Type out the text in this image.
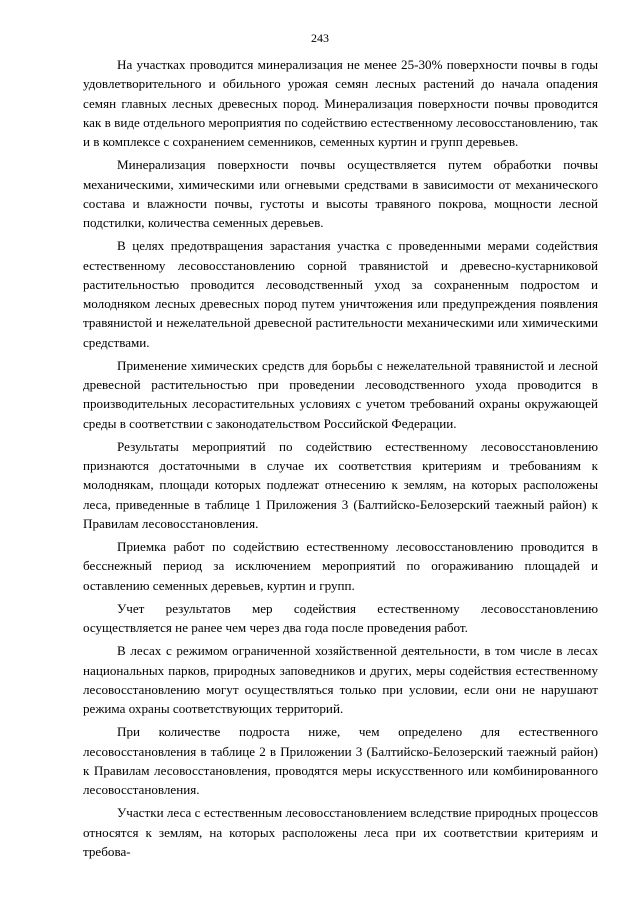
243

На участках проводится минерализация не менее 25-30% поверхности почвы в годы удовлетворительного и обильного урожая семян лесных растений до начала опадения семян главных лесных древесных пород. Минерализация поверхности почвы проводится как в виде отдельного мероприятия по содействию естественному лесовосстановлению, так и в комплексе с сохранением семенников, семенных куртин и групп деревьев.

Минерализация поверхности почвы осуществляется путем обработки почвы механическими, химическими или огневыми средствами в зависимости от механического состава и влажности почвы, густоты и высоты травяного покрова, мощности лесной подстилки, количества семенных деревьев.

В целях предотвращения зарастания участка с проведенными мерами содействия естественному лесовосстановлению сорной травянистой и древесно-кустарниковой растительностью проводится лесоводственный уход за сохраненным подростом и молодняком лесных древесных пород путем уничтожения или предупреждения появления травянистой и нежелательной древесной растительности механическими или химическими средствами.

Применение химических средств для борьбы с нежелательной травянистой и лесной древесной растительностью при проведении лесоводственного ухода проводится в производительных лесорастительных условиях с учетом требований охраны окружающей среды в соответствии с законодательством Российской Федерации.

Результаты мероприятий по содействию естественному лесовосстановлению признаются достаточными в случае их соответствия критериям и требованиям к молоднякам, площади которых подлежат отнесению к землям, на которых расположены леса, приведенные в таблице 1 Приложения 3 (Балтийско-Белозерский таежный район) к Правилам лесовосстановления.

Приемка работ по содействию естественному лесовосстановлению проводится в бесснежный период за исключением мероприятий по огораживанию площадей и оставлению семенных деревьев, куртин и групп.

Учет результатов мер содействия естественному лесовосстановлению осуществляется не ранее чем через два года после проведения работ.

В лесах с режимом ограниченной хозяйственной деятельности, в том числе в лесах национальных парков, природных заповедников и других, меры содействия естественному лесовосстановлению могут осуществляться только при условии, если они не нарушают режима охраны соответствующих территорий.

При количестве подроста ниже, чем определено для естественного лесовосстановления в таблице 2 в Приложении 3 (Балтийско-Белозерский таежный район) к Правилам лесовосстановления, проводятся меры искусственного или комбинированного лесовосстановления.

Участки леса с естественным лесовосстановлением вследствие природных процессов относятся к землям, на которых расположены леса при их соответствии критериям и требова-
